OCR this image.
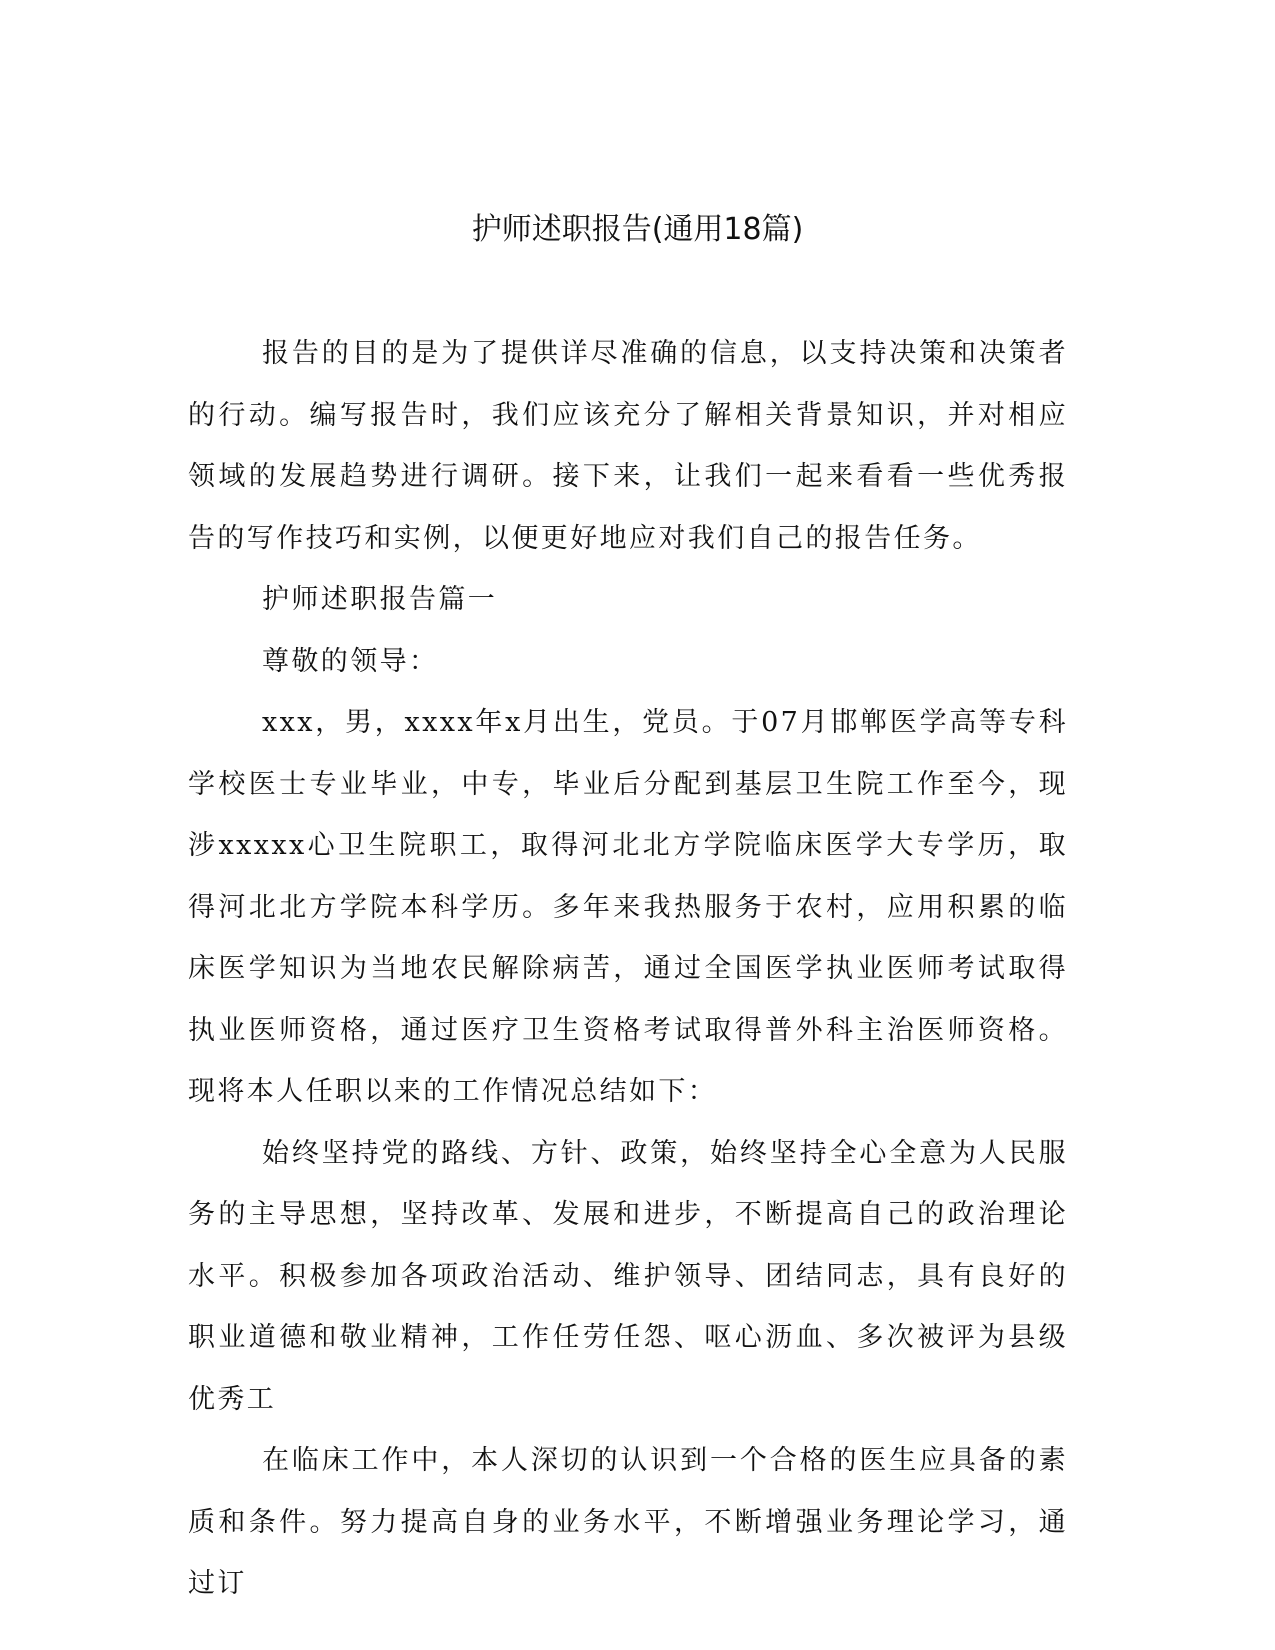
护师述职报告(通用18篇)

报告的目的是为了提供详尽准确的信息，以支持决策和决策者的行动。编写报告时，我们应该充分了解相关背景知识，并对相应领域的发展趋势进行调研。接下来，让我们一起来看看一些优秀报告的写作技巧和实例，以便更好地应对我们自己的报告任务。

护师述职报告篇一

尊敬的领导：

xxx，男，xxxx年x月出生，党员。于07月邯郸医学高等专科学校医士专业毕业，中专，毕业后分配到基层卫生院工作至今，现涉xxxxx心卫生院职工，取得河北北方学院临床医学大专学历，取得河北北方学院本科学历。多年来我热服务于农村，应用积累的临床医学知识为当地农民解除病苦，通过全国医学执业医师考试取得执业医师资格，通过医疗卫生资格考试取得普外科主治医师资格。现将本人任职以来的工作情况总结如下：

始终坚持党的路线、方针、政策，始终坚持全心全意为人民服务的主导思想，坚持改革、发展和进步，不断提高自己的政治理论水平。积极参加各项政治活动、维护领导、团结同志，具有良好的职业道德和敬业精神，工作任劳任怨、呕心沥血、多次被评为县级优秀工

在临床工作中，本人深切的认识到一个合格的医生应具备的素质和条件。努力提高自身的业务水平，不断增强业务理论学习，通过订
